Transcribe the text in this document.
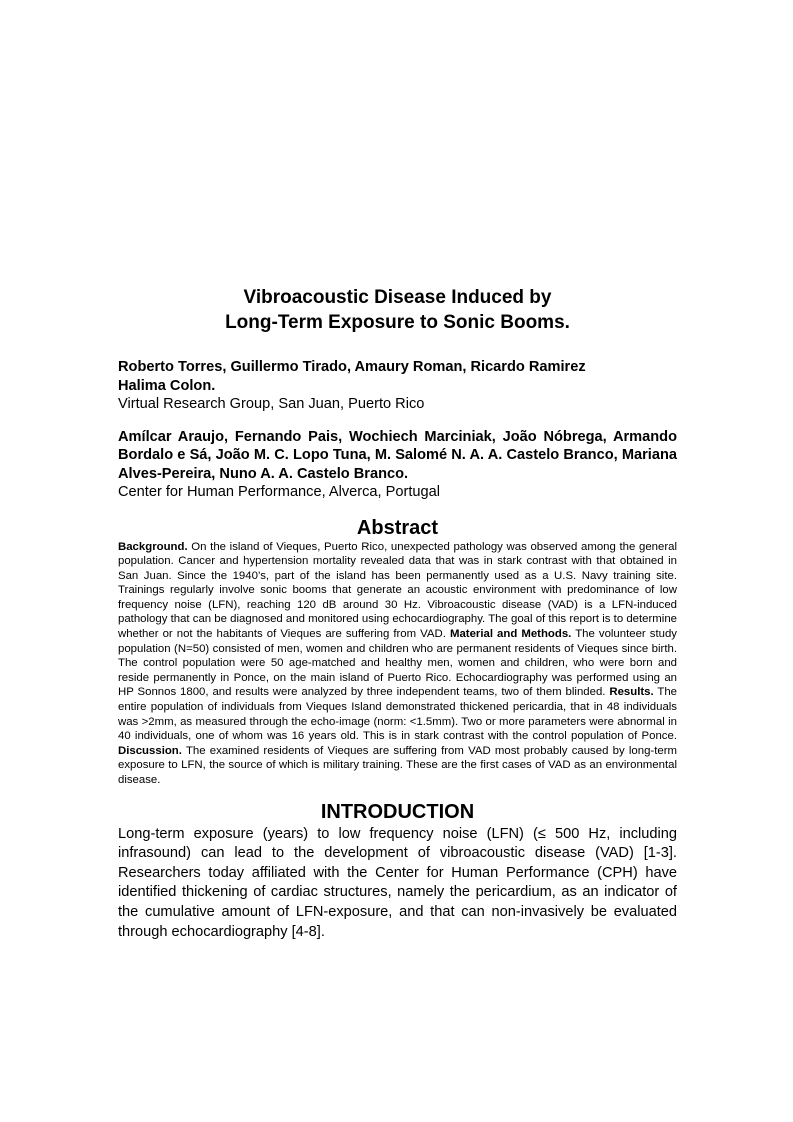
Vibroacoustic Disease Induced by
Long-Term Exposure to Sonic Booms.

Roberto Torres, Guillermo Tirado, Amaury Roman, Ricardo Ramirez

Halima Colon.

Virtual Research Group, San Juan, Puerto Rico

Amílcar Araujo, Fernando Pais, Wochiech Marciniak, João Nóbrega, Armando Bordalo e Sá, João M. C. Lopo Tuna, M. Salomé N. A. A. Castelo Branco, Mariana Alves-Pereira, Nuno A. A. Castelo Branco.

Center for Human Performance, Alverca, Portugal

Abstract

Background. On the island of Vieques, Puerto Rico, unexpected pathology was observed among the general population. Cancer and hypertension mortality revealed data that was in stark contrast with that obtained in San Juan. Since the 1940’s, part of the island has been permanently used as a U.S. Navy training site. Trainings regularly involve sonic booms that generate an acoustic environment with predominance of low frequency noise (LFN), reaching 120 dB around 30 Hz. Vibroacoustic disease (VAD) is a LFN-induced pathology that can be diagnosed and monitored using echocardiography. The goal of this report is to determine whether or not the habitants of Vieques are suffering from VAD. Material and Methods. The volunteer study population (N=50) consisted of men, women and children who are permanent residents of Vieques since birth. The control population were 50 age-matched and healthy men, women and children, who were born and reside permanently in Ponce, on the main island of Puerto Rico. Echocardiography was performed using an HP Sonnos 1800, and results were analyzed by three independent teams, two of them blinded. Results. The entire population of individuals from Vieques Island demonstrated thickened pericardia, that in 48 individuals was >2mm, as measured through the echo-image (norm: <1.5mm). Two or more parameters were abnormal in 40 individuals, one of whom was 16 years old. This is in stark contrast with the control population of Ponce. Discussion. The examined residents of Vieques are suffering from VAD most probably caused by long-term exposure to LFN, the source of which is military training. These are the first cases of VAD as an environmental disease.

INTRODUCTION

Long-term exposure (years) to low frequency noise (LFN) (≤ 500 Hz, including infrasound) can lead to the development of vibroacoustic disease (VAD) [1-3]. Researchers today affiliated with the Center for Human Performance (CPH) have identified thickening of cardiac structures, namely the pericardium, as an indicator of the cumulative amount of LFN-exposure, and that can non-invasively be evaluated through echocardiography [4-8].
